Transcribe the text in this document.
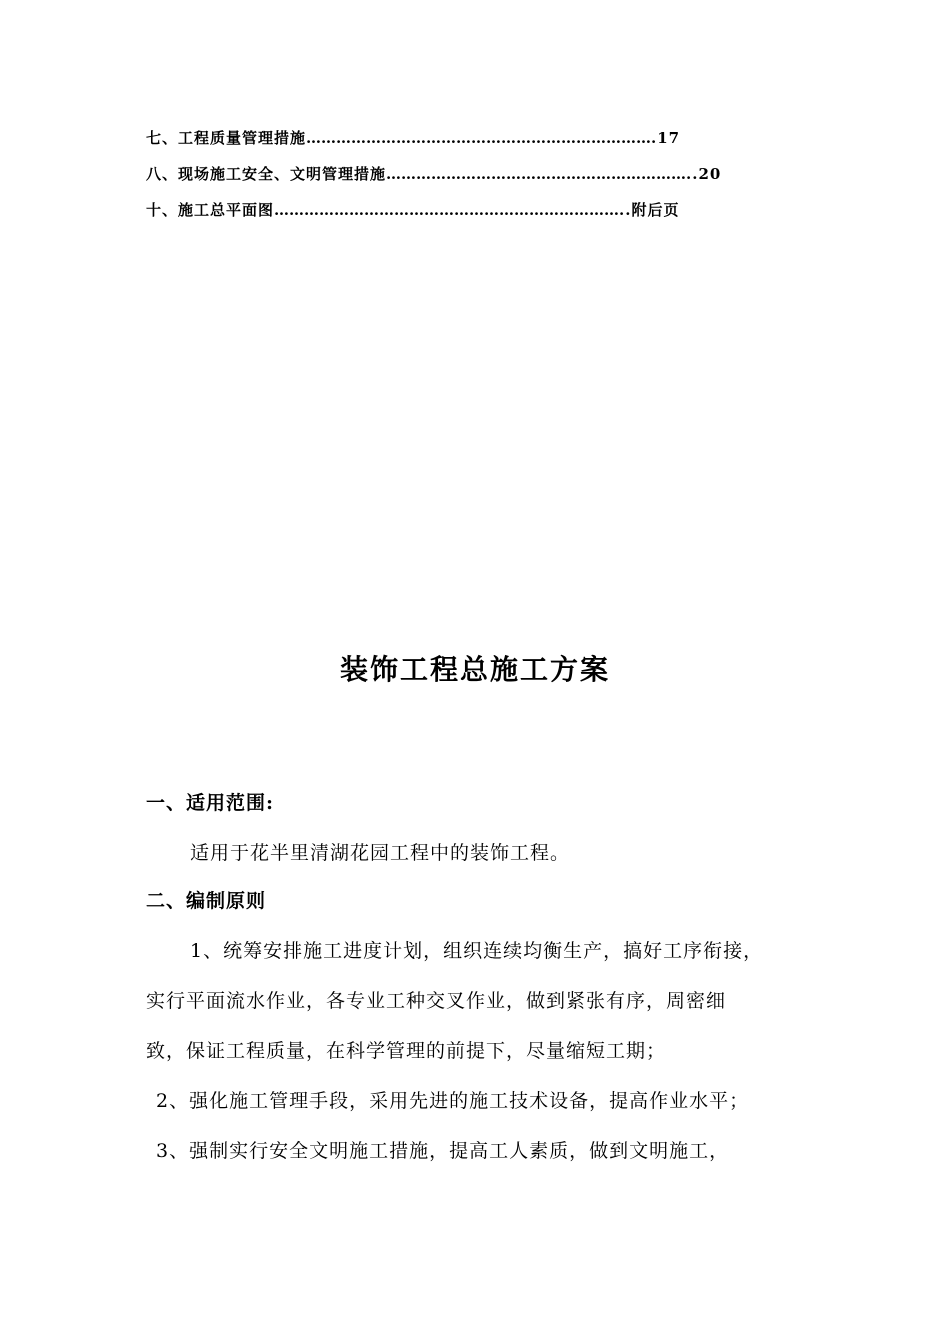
七、工程质量管理措施…………………………………………………………….17
八、现场施工安全、文明管理措施……………………………………………………..20
十、施工总平面图……………………………………………………………..附后页
装饰工程总施工方案
一、适用范围:
适用于花半里清湖花园工程中的装饰工程。
二、编制原则
1、统筹安排施工进度计划，组织连续均衡生产，搞好工序衔接，
实行平面流水作业，各专业工种交叉作业，做到紧张有序，周密细
致，保证工程质量，在科学管理的前提下，尽量缩短工期；
2、强化施工管理手段，采用先进的施工技术设备，提高作业水平；
3、强制实行安全文明施工措施，提高工人素质，做到文明施工，
